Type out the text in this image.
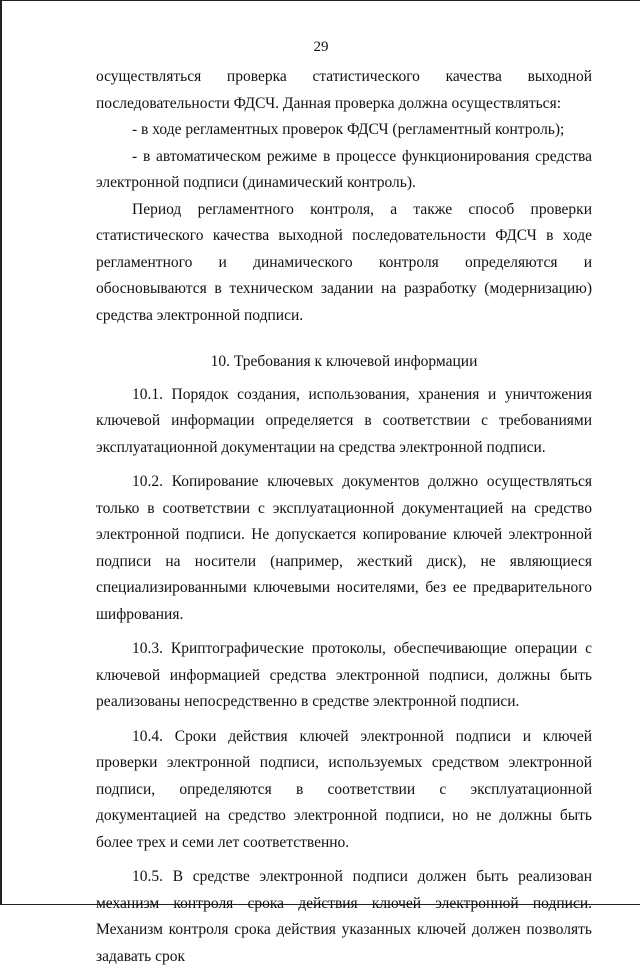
29

осуществляться проверка статистического качества выходной последовательности ФДСЧ. Данная проверка должна осуществляться:

- в ходе регламентных проверок ФДСЧ (регламентный контроль);

- в автоматическом режиме в процессе функционирования средства электронной подписи (динамический контроль).

Период регламентного контроля, а также способ проверки статистического качества выходной последовательности ФДСЧ в ходе регламентного и динамического контроля определяются и обосновываются в техническом задании на разработку (модернизацию) средства электронной подписи.

10. Требования к ключевой информации

10.1. Порядок создания, использования, хранения и уничтожения ключевой информации определяется в соответствии с требованиями эксплуатационной документации на средства электронной подписи.

10.2. Копирование ключевых документов должно осуществляться только в соответствии с эксплуатационной документацией на средство электронной подписи. Не допускается копирование ключей электронной подписи на носители (например, жесткий диск), не являющиеся специализированными ключевыми носителями, без ее предварительного шифрования.

10.3. Криптографические протоколы, обеспечивающие операции с ключевой информацией средства электронной подписи, должны быть реализованы непосредственно в средстве электронной подписи.

10.4. Сроки действия ключей электронной подписи и ключей проверки электронной подписи, используемых средством электронной подписи, определяются в соответствии с эксплуатационной документацией на средство электронной подписи, но не должны быть более трех и семи лет соответственно.

10.5. В средстве электронной подписи должен быть реализован механизм контроля срока действия ключей электронной подписи. Механизм контроля срока действия указанных ключей должен позволять задавать срок
